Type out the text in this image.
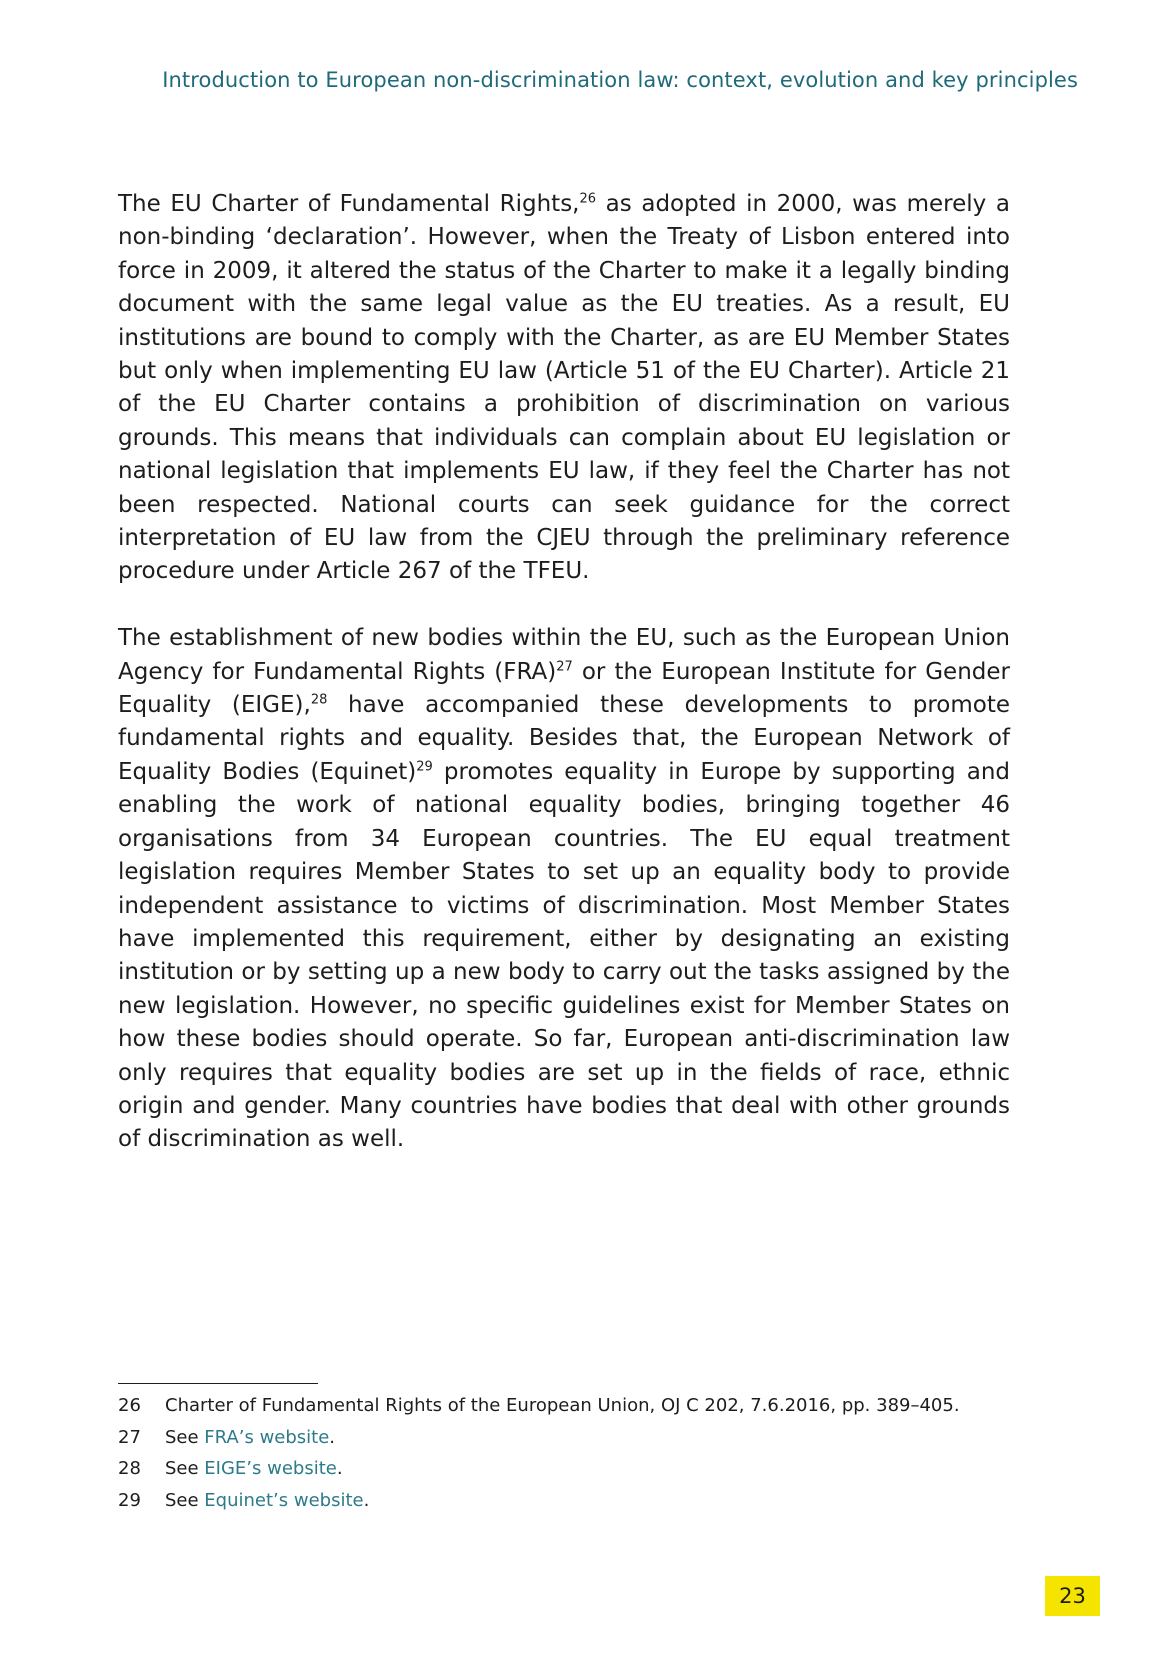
Introduction to European non-discrimination law: context, evolution and key principles

The EU Charter of Fundamental Rights,$^{26}$ as adopted in 2000, was merely a non-binding ‘declaration’. However, when the Treaty of Lisbon entered into force in 2009, it altered the status of the Charter to make it a legally binding document with the same legal value as the EU treaties. As a result, EU institutions are bound to comply with the Charter, as are EU Member States but only when implementing EU law (Article 51 of the EU Charter). Article 21 of the EU Charter contains a prohibition of discrimination on various grounds. This means that individuals can complain about EU legislation or national legislation that implements EU law, if they feel the Charter has not been respected. National courts can seek guidance for the correct interpretation of EU law from the CJEU through the preliminary reference procedure under Article 267 of the TFEU.

The establishment of new bodies within the EU, such as the European Union Agency for Fundamental Rights (FRA)$^{27}$ or the European Institute for Gender Equality (EIGE),$^{28}$ have accompanied these developments to promote fundamental rights and equality. Besides that, the European Network of Equality Bodies (Equinet)$^{29}$ promotes equality in Europe by supporting and enabling the work of national equality bodies, bringing together 46 organisations from 34 European countries. The EU equal treatment legislation requires Member States to set up an equality body to provide independent assistance to victims of discrimination. Most Member States have implemented this requirement, either by designating an existing institution or by setting up a new body to carry out the tasks assigned by the new legislation. However, no specific guidelines exist for Member States on how these bodies should operate. So far, European anti-discrimination law only requires that equality bodies are set up in the fields of race, ethnic origin and gender. Many countries have bodies that deal with other grounds of discrimination as well.

26	Charter of Fundamental Rights of the European Union, OJ C 202, 7.6.2016, pp. 389–405.
27	See FRA’s website.
28	See EIGE’s website.
29	See Equinet’s website.
23
